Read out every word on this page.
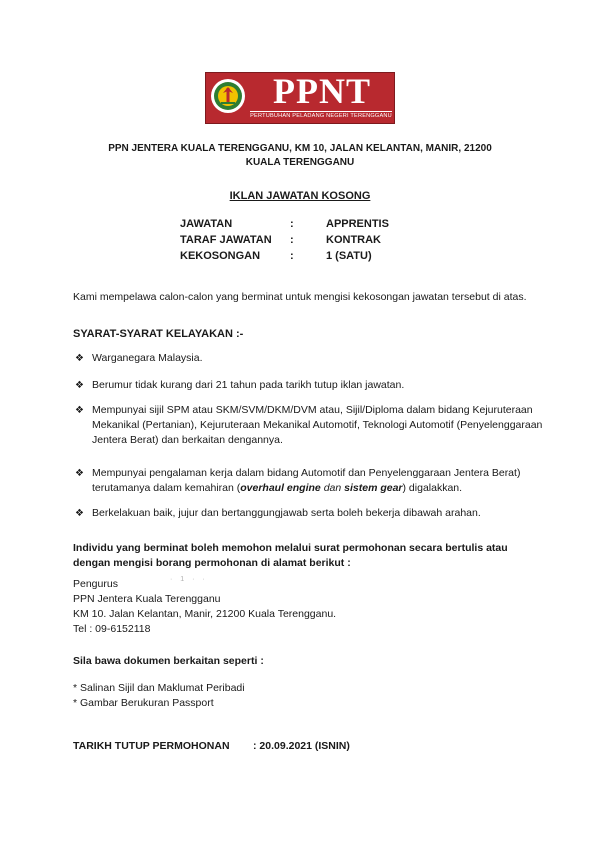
PPNT
PERTUBUHAN PELADANG NEGERI TERENGGANU
PPN JENTERA KUALA TERENGGANU, KM 10, JALAN KELANTAN, MANIR, 21200
KUALA TERENGGANU
IKLAN JAWATAN KOSONG
JAWATAN	:	APPRENTIS
TARAF JAWATAN :	KONTRAK
KEKOSONGAN	:	1 (SATU)
Kami mempelawa calon-calon yang berminat untuk mengisi kekosongan jawatan tersebut di atas.
SYARAT-SYARAT KELAYAKAN :-
❖ Warganegara Malaysia.
❖ Berumur tidak kurang dari 21 tahun pada tarikh tutup iklan jawatan.
❖ Mempunyai sijil SPM atau SKM/SVM/DKM/DVM atau, Sijil/Diploma dalam bidang Kejuruteraan Mekanikal (Pertanian), Kejuruteraan Mekanikal Automotif, Teknologi Automotif (Penyelenggaraan Jentera Berat) dan berkaitan dengannya.
❖ Mempunyai pengalaman kerja dalam bidang Automotif dan Penyelenggaraan Jentera Berat) terutamanya dalam kemahiran (overhaul engine dan sistem gear) digalakkan.
❖ Berkelakuan baik, jujur dan bertanggungjawab serta boleh bekerja dibawah arahan.
Individu yang berminat boleh memohon melalui surat permohonan secara bertulis atau dengan mengisi borang permohonan di alamat berikut :
· 1 · ·
Pengurus
PPN Jentera Kuala Terengganu
KM 10. Jalan Kelantan, Manir, 21200 Kuala Terengganu.
Tel : 09-6152118
Sila bawa dokumen berkaitan seperti :
* Salinan Sijil dan Maklumat Peribadi
* Gambar Berukuran Passport
TARIKH TUTUP PERMOHONAN : 20.09.2021 (ISNIN)
